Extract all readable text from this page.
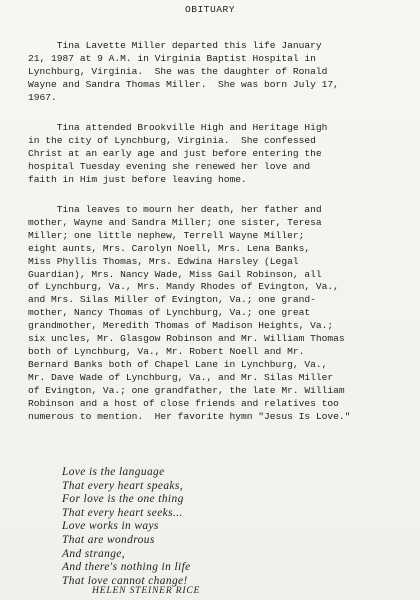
OBITUARY

Tina Lavette Miller departed this life January
21, 1987 at 9 A.M. in Virginia Baptist Hospital in
Lynchburg, Virginia.  She was the daughter of Ronald
Wayne and Sandra Thomas Miller.  She was born July 17,
1967.

Tina attended Brookville High and Heritage High
in the city of Lynchburg, Virginia.  She confessed
Christ at an early age and just before entering the
hospital Tuesday evening she renewed her love and
faith in Him just before leaving home.

Tina leaves to mourn her death, her father and
mother, Wayne and Sandra Miller; one sister, Teresa
Miller; one little nephew, Terrell Wayne Miller;
eight aunts, Mrs. Carolyn Noell, Mrs. Lena Banks,
Miss Phyllis Thomas, Mrs. Edwina Harsley (Legal
Guardian), Mrs. Nancy Wade, Miss Gail Robinson, all
of Lynchburg, Va., Mrs. Mandy Rhodes of Evington, Va.,
and Mrs. Silas Miller of Evington, Va.; one grand-
mother, Nancy Thomas of Lynchburg, Va.; one great
grandmother, Meredith Thomas of Madison Heights, Va.;
six uncles, Mr. Glasgow Robinson and Mr. William Thomas
both of Lynchburg, Va., Mr. Robert Noell and Mr.
Bernard Banks both of Chapel Lane in Lynchburg, Va.,
Mr. Dave Wade of Lynchburg, Va., and Mr. Silas Miller
of Evington, Va.; one grandfather, the late Mr. William
Robinson and a host of close friends and relatives too
numerous to mention.  Her favorite hymn "Jesus Is Love."

Love is the language
That every heart speaks,
For love is the one thing
That every heart seeks...
Love works in ways
That are wondrous
And strange,
And there's nothing in life
That love cannot change!
HELEN STEINER RICE
